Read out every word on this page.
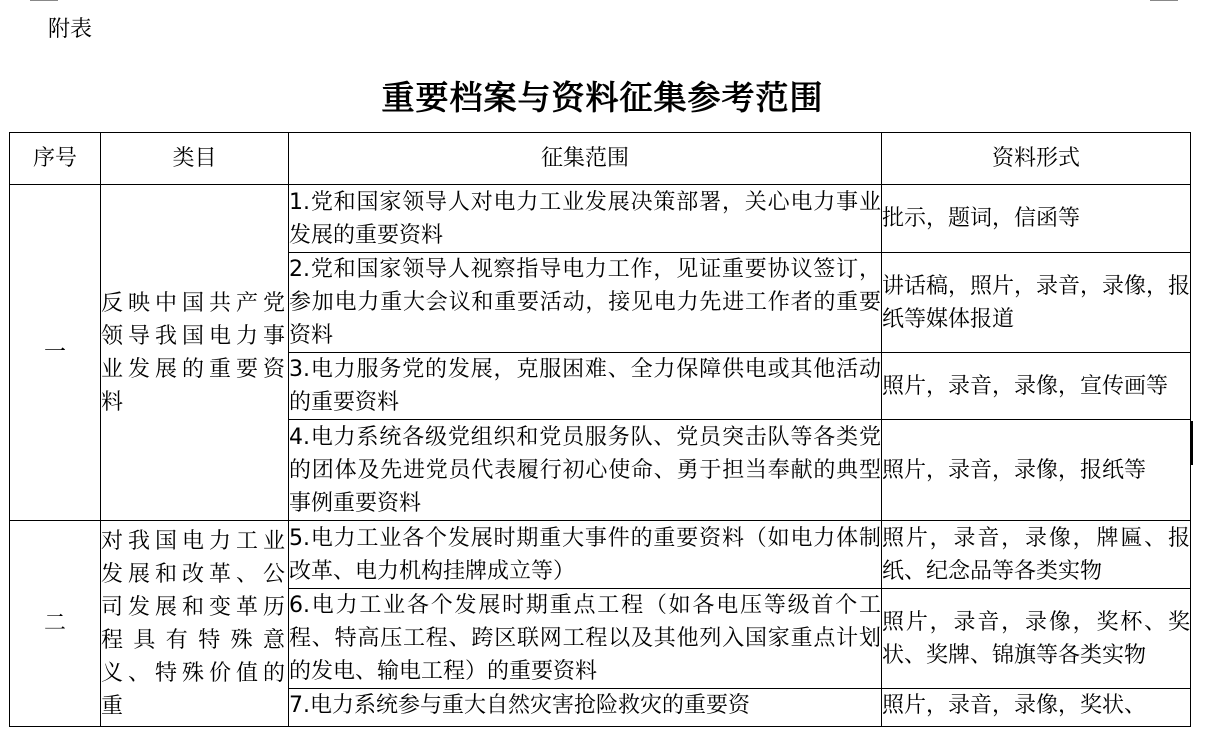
附表
重要档案与资料征集参考范围
序号	类目	征集范围	资料形式
一	反映中国共产党领导我国电力事业发展的重要资料	1.党和国家领导人对电力工业发展决策部署，关心电力事业发展的重要资料	批示，题词，信函等
		2.党和国家领导人视察指导电力工作，见证重要协议签订，参加电力重大会议和重要活动，接见电力先进工作者的重要资料	讲话稿，照片，录音，录像，报纸等媒体报道
		3.电力服务党的发展，克服困难、全力保障供电或其他活动的重要资料	照片，录音，录像，宣传画等
		4.电力系统各级党组织和党员服务队、党员突击队等各类党的团体及先进党员代表履行初心使命、勇于担当奉献的典型事例重要资料	照片，录音，录像，报纸等
二	对我国电力工业发展和改革、公司发展和变革历程具有特殊意义、特殊价值的重	5.电力工业各个发展时期重大事件的重要资料（如电力体制改革、电力机构挂牌成立等）	照片，录音，录像，牌匾、报纸、纪念品等各类实物
		6.电力工业各个发展时期重点工程（如各电压等级首个工程、特高压工程、跨区联网工程以及其他列入国家重点计划的发电、输电工程）的重要资料	照片，录音，录像，奖杯、奖状、奖牌、锦旗等各类实物
		7.电力系统参与重大自然灾害抢险救灾的重要资	照片，录音，录像，奖状、
